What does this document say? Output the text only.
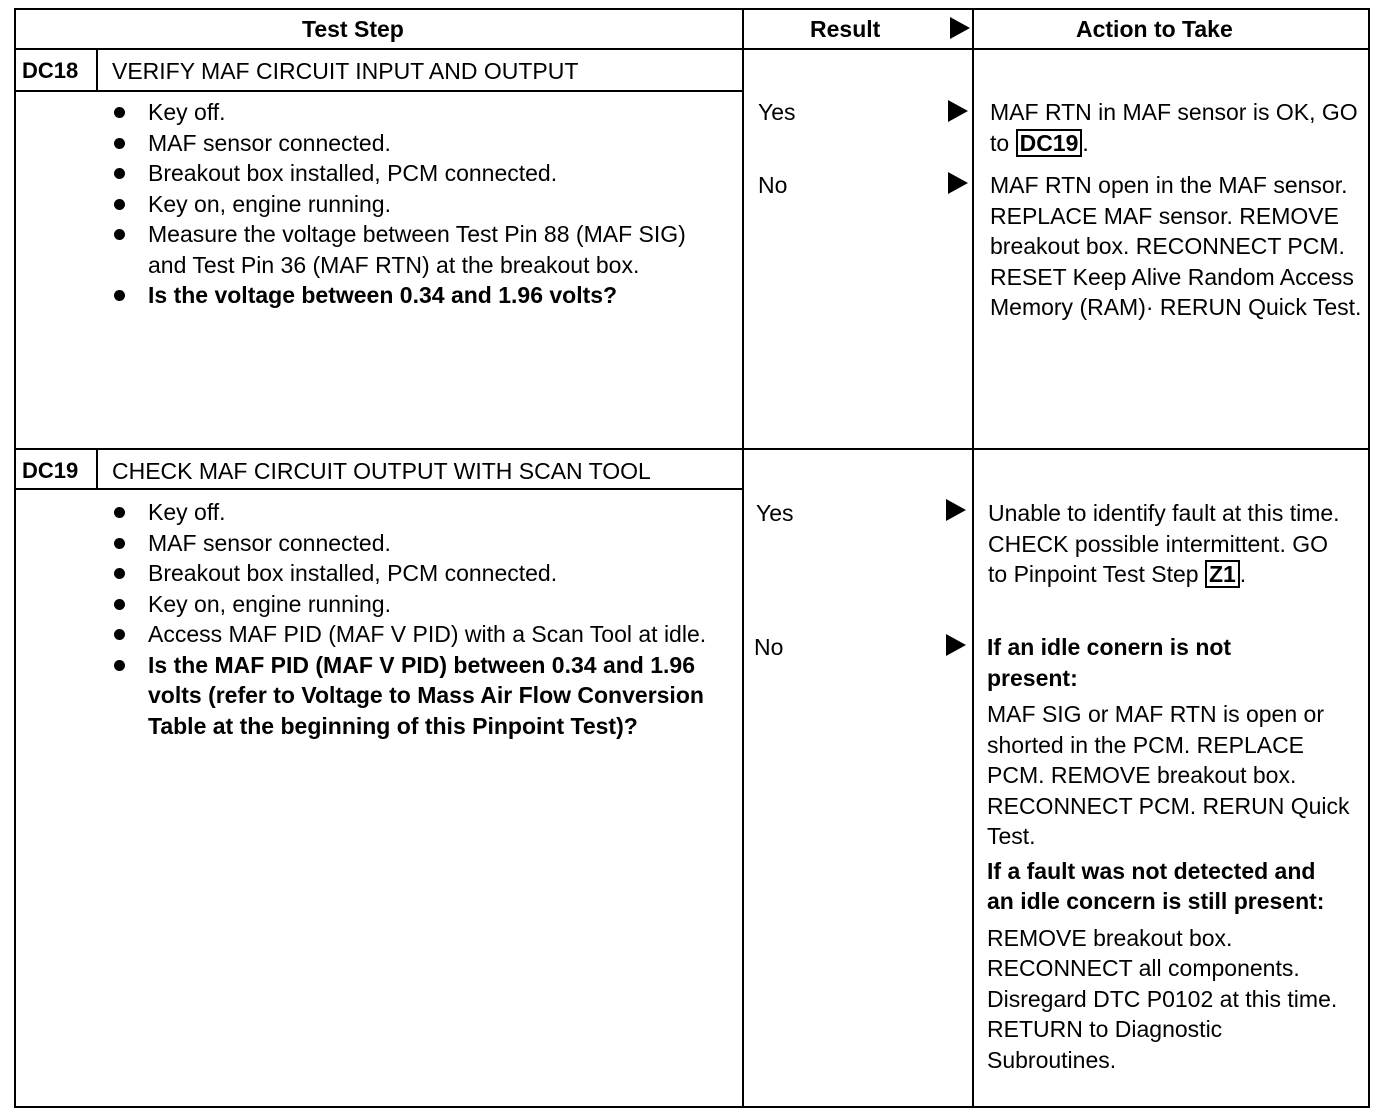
Test Step	Result	Action to Take
DC18 VERIFY MAF CIRCUIT INPUT AND OUTPUT
Key off.
MAF sensor connected.
Breakout box installed, PCM connected.
Key on, engine running.
Measure the voltage between Test Pin 88 (MAF SIG) and Test Pin 36 (MAF RTN) at the breakout box.
Is the voltage between 0.34 and 1.96 volts?
Yes
No
MAF RTN in MAF sensor is OK, GO to DC19 .
MAF RTN open in the MAF sensor. REPLACE MAF sensor. REMOVE breakout box. RECONNECT PCM. RESET Keep Alive Random Access Memory (RAM)· RERUN Quick Test.
DC19 CHECK MAF CIRCUIT OUTPUT WITH SCAN TOOL
Key off.
MAF sensor connected.
Breakout box installed, PCM connected.
Key on, engine running.
Access MAF PID (MAF V PID) with a Scan Tool at idle.
Is the MAF PID (MAF V PID) between 0.34 and 1.96 volts (refer to Voltage to Mass Air Flow Conversion Table at the beginning of this Pinpoint Test)?
Yes
No
Unable to identify fault at this time. CHECK possible intermittent. GO to Pinpoint Test Step Z1 .

If an idle conern is not present:

MAF SIG or MAF RTN is open or shorted in the PCM. REPLACE PCM. REMOVE breakout box. RECONNECT PCM. RERUN Quick Test.

If a fault was not detected and an idle concern is still present:

REMOVE breakout box. RECONNECT all components. Disregard DTC P0102 at this time. RETURN to Diagnostic Subroutines.
